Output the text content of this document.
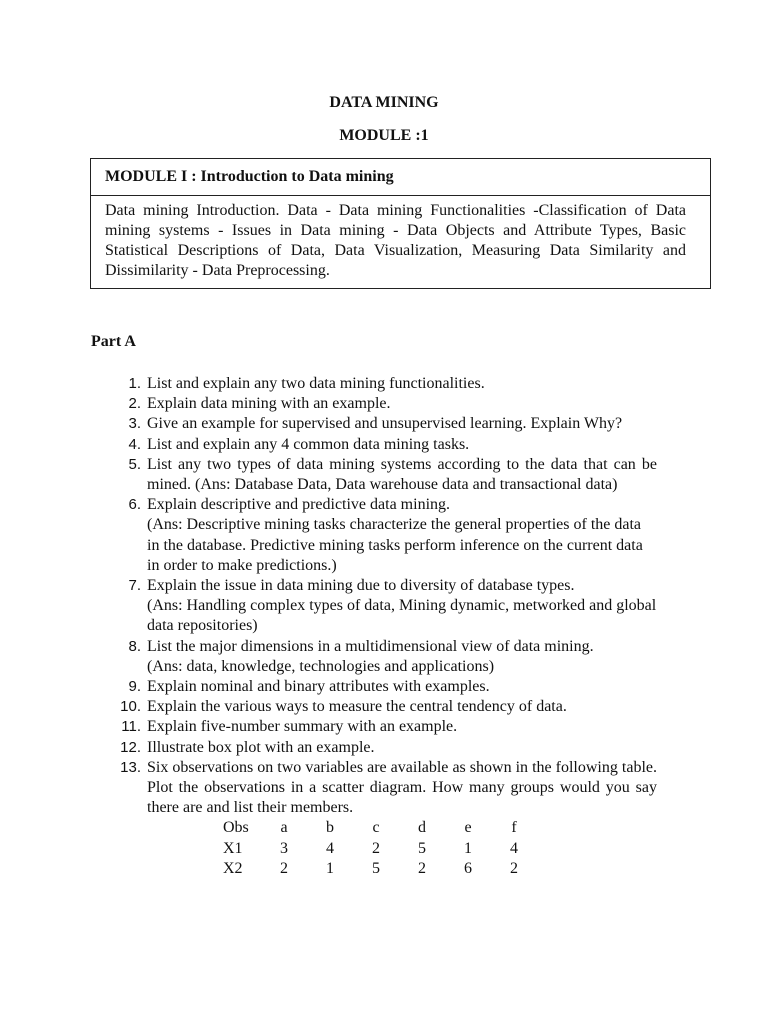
DATA MINING
MODULE :1
MODULE I : Introduction to Data mining
Data mining Introduction. Data - Data mining Functionalities -Classification of Data mining systems - Issues in Data mining - Data Objects and Attribute Types, Basic Statistical Descriptions of Data, Data Visualization, Measuring Data Similarity and Dissimilarity - Data Preprocessing.
Part A
1. List and explain any two data mining functionalities.
2. Explain data mining with an example.
3. Give an example for supervised and unsupervised learning. Explain Why?
4. List and explain any 4 common data mining tasks.
5. List any two types of data mining systems according to the data that can be mined. (Ans: Database Data, Data warehouse data and transactional data)
6. Explain descriptive and predictive data mining.
(Ans: Descriptive mining tasks characterize the general properties of the data in the database. Predictive mining tasks perform inference on the current data in order to make predictions.)
7. Explain the issue in data mining due to diversity of database types.
(Ans: Handling complex types of data, Mining dynamic, metworked and global data repositories)
8. List the major dimensions in a multidimensional view of data mining.
(Ans: data, knowledge, technologies and applications)
9. Explain nominal and binary attributes with examples.
10. Explain the various ways to measure the central tendency of data.
11. Explain five-number summary with an example.
12. Illustrate box plot with an example.
13. Six observations on two variables are available as shown in the following table. Plot the observations in a scatter diagram. How many groups would you say there are and list their members.
Obs	a	b	c	d	e	f
X1	3	4	2	5	1	4
X2	2	1	5	2	6	2
